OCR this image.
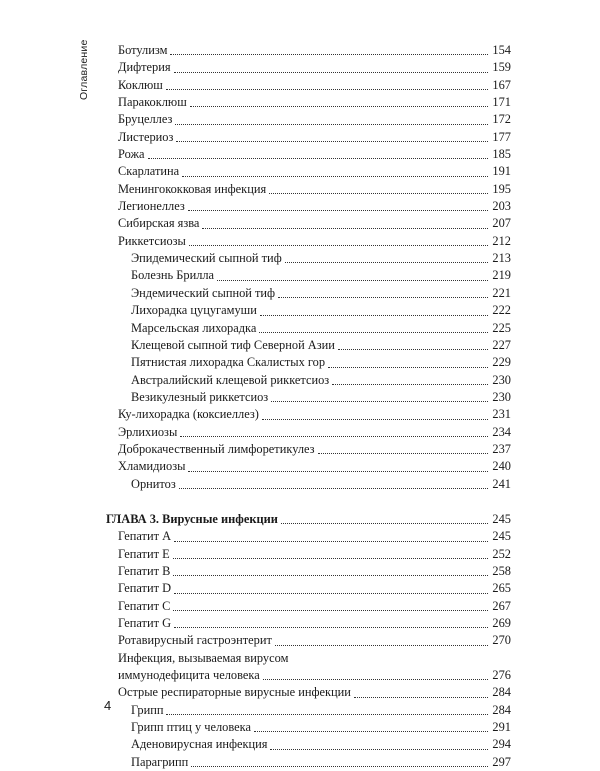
Оглавление Ботулизм	154
Дифтерия	159
Коклюш	167
Паракоклюш	171
Бруцеллез	172
Листериоз	177
Рожа	185
Скарлатина	191
Менингококковая инфекция	195
Легионеллез	203
Сибирская язва	207
Риккетсиозы	212
Эпидемический сыпной тиф	213
Болезнь Брилла	219
Эндемический сыпной тиф	221
Лихорадка цуцугамуши	222
Марсельская лихорадка	225
Клещевой сыпной тиф Северной Азии	227
Пятнистая лихорадка Скалистых гор	229
Австралийский клещевой риккетсиоз	230
Везикулезный риккетсиоз	230
Ку-лихорадка (коксиеллез)	231
Эрлихиозы	234
Доброкачественный лимфоретикулез	237
Хламидиозы	240
Орнитоз	241
ГЛАВА 3. Вирусные инфекции	245
Гепатит A	245
Гепатит E	252
Гепатит B	258
Гепатит D	265
Гепатит C	267
Гепатит G	269
Ротавирусный гастроэнтерит	270
Инфекция, вызываемая вирусом
иммунодефицита человека	276
Острые респираторные вирусные инфекции	284
Грипп	284
Грипп птиц у человека	291
Аденовирусная инфекция	294
Парагрипп	297
4
